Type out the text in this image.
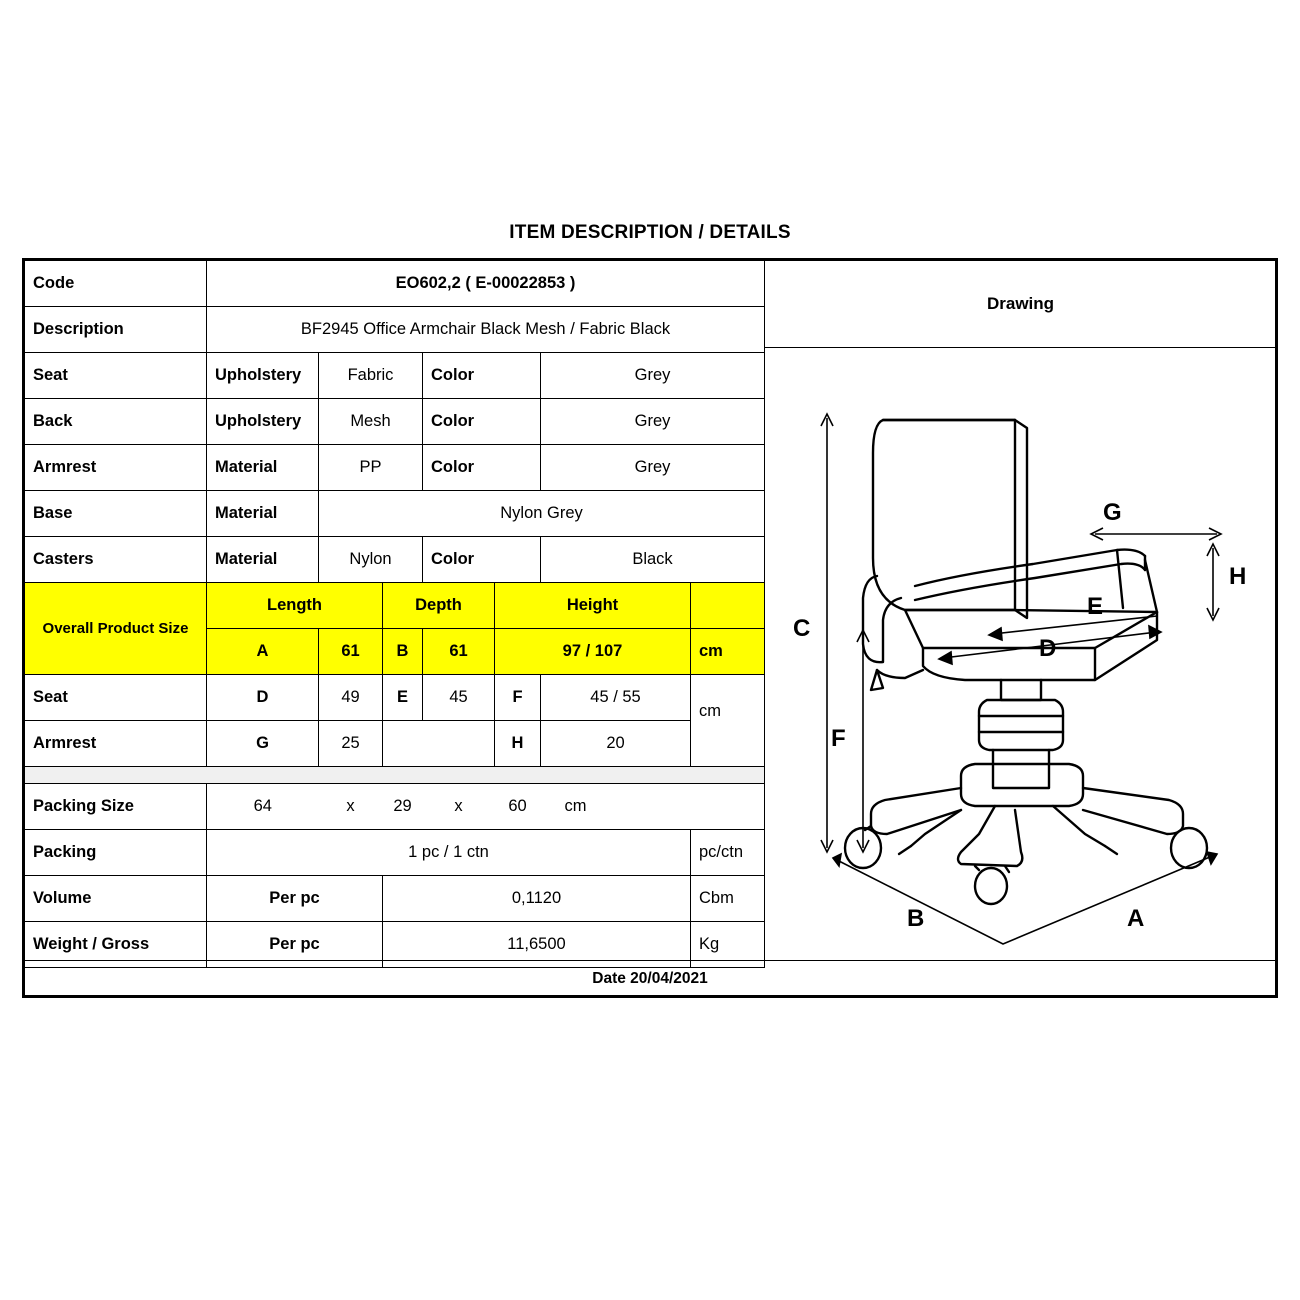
ITEM DESCRIPTION / DETAILS
Code	EO602,2 ( E-00022853 )						
Description	BF2945 Office Armchair Black Mesh / Fabric Black						
Seat	Upholstery	Fabric		Color		Grey	
Back	Upholstery	Mesh		Color		Grey	
Armrest	Material	PP		Color		Grey	
Base	Material	Nylon Grey					
Casters	Material	Nylon		Color		Black	
Overall Product Size	Length		Depth		Height		
	A	61	B	61	97 / 107		cm
Seat	D	49	E	45	F	45 / 55	cm
Armrest	G	25			H	20	

Packing Size	64	x	29	x	60	cm	
Packing	1 pc / 1 ctn						pc/ctn
Volume	Per pc		0,1120				Cbm
Weight / Gross	Per pc		11,6500				Kg
Drawing
C
F
G
H
E
D
B	A
Date 20/04/2021
